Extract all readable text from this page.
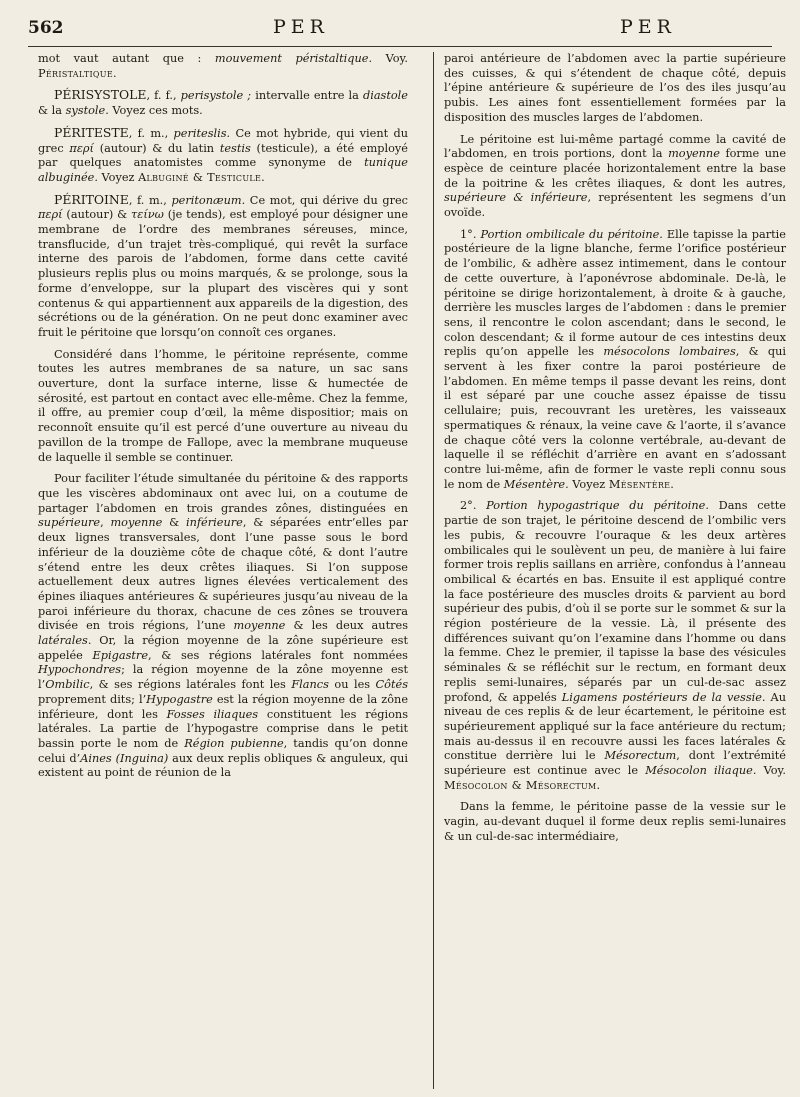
562	PER	PER

mot vaut autant que : mouvement péristaltique. Voy. Péristaltique.

PÉRISYSTOLE, f. f., perisystole ; intervalle entre la diastole & la systole. Voyez ces mots.

PÉRITESTE, f. m., periteslis. Ce mot hybride, qui vient du grec περί (autour) & du latin testis (testicule), a été employé par quelques anatomistes comme synonyme de tunique albuginée. Voyez Albuginé & Testicule.

PÉRITOINE, f. m., peritonæum. Ce mot, qui dérive du grec περί (autour) & τείνω (je tends), est employé pour désigner une membrane de l’ordre des membranes séreuses, mince, transflucide, d’un trajet très-compliqué, qui revêt la surface interne des parois de l’abdomen, forme dans cette cavité plusieurs replis plus ou moins marqués, & se prolonge, sous la forme d’enveloppe, sur la plupart des viscères qui y sont contenus & qui appartiennent aux appareils de la digestion, des sécrétions ou de la génération. On ne peut donc examiner avec fruit le péritoine que lorsqu’on connoît ces organes.

Considéré dans l’homme, le péritoine représente, comme toutes les autres membranes de sa nature, un sac sans ouverture, dont la surface interne, lisse & humectée de sérosité, est partout en contact avec elle-même. Chez la femme, il offre, au premier coup d’œil, la même dispositior; mais on reconnoît ensuite qu’il est percé d’une ouverture au niveau du pavillon de la trompe de Fallope, avec la membrane muqueuse de laquelle il semble se continuer.

Pour faciliter l’étude simultanée du péritoine & des rapports que les viscères abdominaux ont avec lui, on a coutume de partager l’abdomen en trois grandes zônes, distinguées en supérieure, moyenne & inférieure, & séparées entr’elles par deux lignes transversales, dont l’une passe sous le bord inférieur de la douzième côte de chaque côté, & dont l’autre s’étend entre les deux crêtes iliaques. Si l’on suppose actuellement deux autres lignes élevées verticalement des épines iliaques antérieures & supérieures jusqu’au niveau de la paroi inférieure du thorax, chacune de ces zônes se trouvera divisée en trois régions, l’une moyenne & les deux autres latérales. Or, la région moyenne de la zône supérieure est appelée Epigastre, & ses régions latérales font nommées Hypochondres; la région moyenne de la zône moyenne est l’Ombilic, & ses régions latérales font les Flancs ou les Côtés proprement dits; l’Hypogastre est la région moyenne de la zône inférieure, dont les Fosses iliaques constituent les régions latérales. La partie de l’hypogastre comprise dans le petit bassin porte le nom de Région pubienne, tandis qu’on donne celui d’Aines (Inguina) aux deux replis obliques & anguleux, qui existent au point de réunion de la

paroi antérieure de l’abdomen avec la partie supérieure des cuisses, & qui s’étendent de chaque côté, depuis l’épine antérieure & supérieure de l’os des iles jusqu’au pubis. Les aines font essentiellement formées par la disposition des muscles larges de l’abdomen.

Le péritoine est lui-même partagé comme la cavité de l’abdomen, en trois portions, dont la moyenne forme une espèce de ceinture placée horizontalement entre la base de la poitrine & les crêtes iliaques, & dont les autres, supérieure & inférieure, représentent les segmens d’un ovoïde.

1°. Portion ombilicale du péritoine. Elle tapisse la partie postérieure de la ligne blanche, ferme l’orifice postérieur de l’ombilic, & adhère assez intimement, dans le contour de cette ouverture, à l’aponévrose abdominale. De-là, le péritoine se dirige horizontalement, à droite & à gauche, derrière les muscles larges de l’abdomen : dans le premier sens, il rencontre le colon ascendant; dans le second, le colon descendant; & il forme autour de ces intestins deux replis qu’on appelle les mésocolons lombaires, & qui servent à les fixer contre la paroi postérieure de l’abdomen. En même temps il passe devant les reins, dont il est séparé par une couche assez épaisse de tissu cellulaire; puis, recouvrant les uretères, les vaisseaux spermatiques & rénaux, la veine cave & l’aorte, il s’avance de chaque côté vers la colonne vertébrale, au-devant de laquelle il se réfléchit d’arrière en avant en s’adossant contre lui-même, afin de former le vaste repli connu sous le nom de Mésentère. Voyez Mésentère.

2°. Portion hypogastrique du péritoine. Dans cette partie de son trajet, le péritoine descend de l’ombilic vers les pubis, & recouvre l’ouraque & les deux artères ombilicales qui le soulèvent un peu, de manière à lui faire former trois replis saillans en arrière, confondus à l’anneau ombilical & écartés en bas. Ensuite il est appliqué contre la face postérieure des muscles droits & parvient au bord supérieur des pubis, d’où il se porte sur le sommet & sur la région postérieure de la vessie. Là, il présente des différences suivant qu’on l’examine dans l’homme ou dans la femme. Chez le premier, il tapisse la base des vésicules séminales & se réfléchit sur le rectum, en formant deux replis semi-lunaires, séparés par un cul-de-sac assez profond, & appelés Ligamens postérieurs de la vessie. Au niveau de ces replis & de leur écartement, le péritoine est supérieurement appliqué sur la face antérieure du rectum; mais au-dessus il en recouvre aussi les faces latérales & constitue derrière lui le Mésorectum, dont l’extrémité supérieure est continue avec le Mésocolon iliaque. Voy. Mésocolon & Mésorectum.

Dans la femme, le péritoine passe de la vessie sur le vagin, au-devant duquel il forme deux replis semi-lunaires & un cul-de-sac intermédiaire,
